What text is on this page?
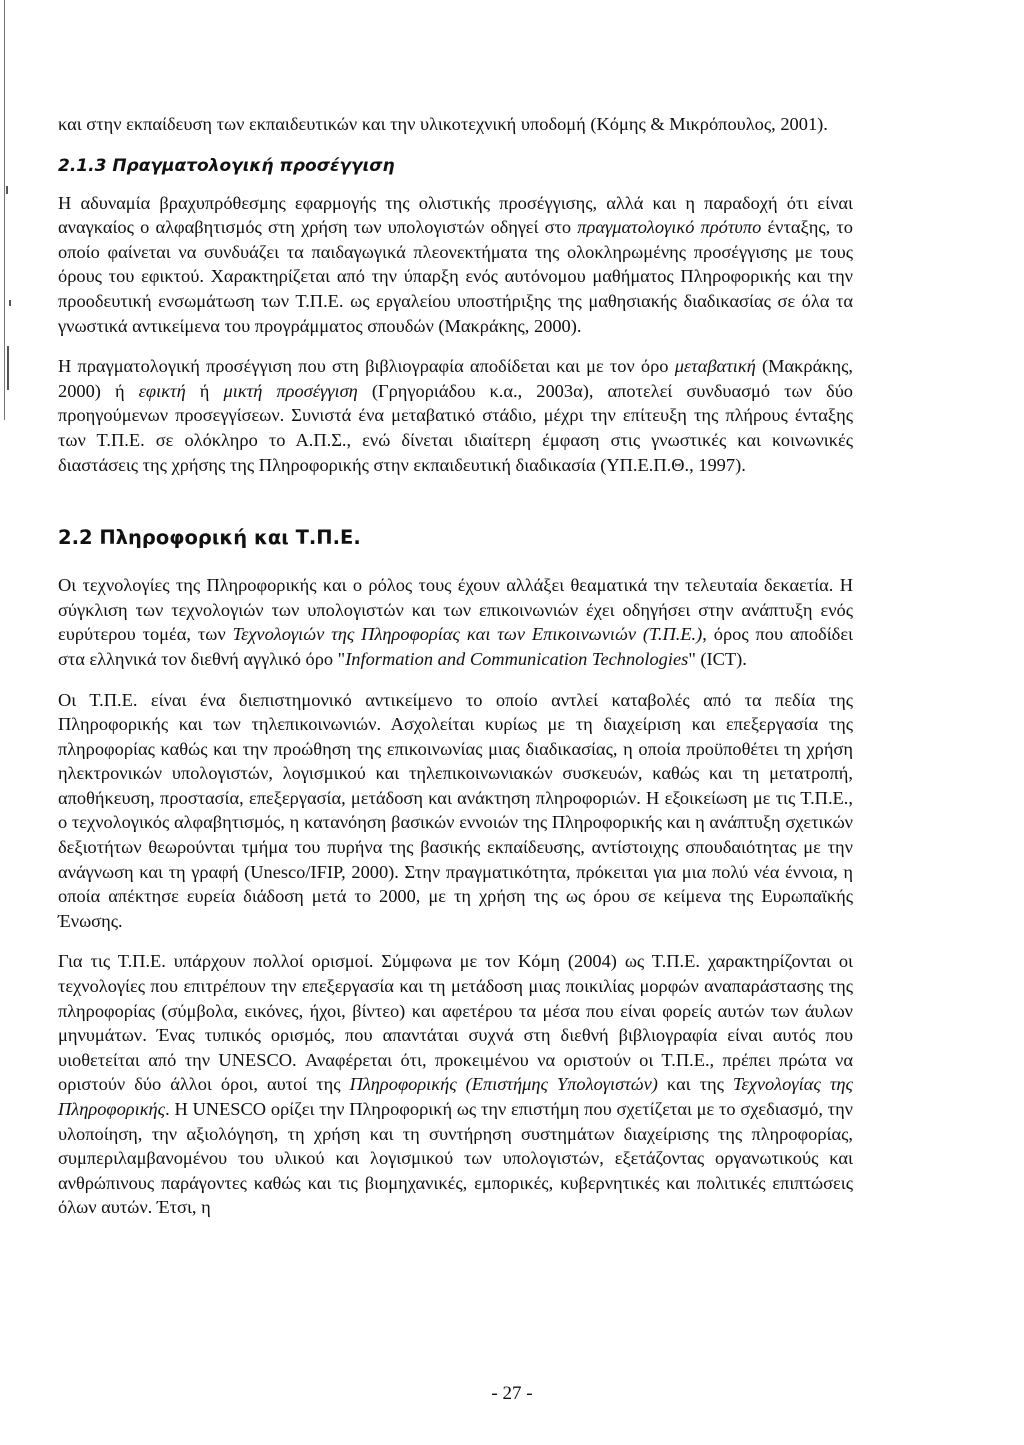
και στην εκπαίδευση των εκπαιδευτικών και την υλικοτεχνική υποδομή (Κόμης & Μικρόπουλος, 2001).

2.1.3 Πραγματολογική προσέγγιση

Η αδυναμία βραχυπρόθεσμης εφαρμογής της ολιστικής προσέγγισης, αλλά και η παραδοχή ότι είναι αναγκαίος ο αλφαβητισμός στη χρήση των υπολογιστών οδηγεί στο πραγματολογικό πρότυπο ένταξης, το οποίο φαίνεται να συνδυάζει τα παιδαγωγικά πλεονεκτήματα της ολοκληρωμένης προσέγγισης με τους όρους του εφικτού. Χαρακτηρίζεται από την ύπαρξη ενός αυτόνομου μαθήματος Πληροφορικής και την προοδευτική ενσωμάτωση των Τ.Π.Ε. ως εργαλείου υποστήριξης της μαθησιακής διαδικασίας σε όλα τα γνωστικά αντικείμενα του προγράμματος σπουδών (Μακράκης, 2000).

Η πραγματολογική προσέγγιση που στη βιβλιογραφία αποδίδεται και με τον όρο μεταβατική (Μακράκης, 2000) ή εφικτή ή μικτή προσέγγιση (Γρηγοριάδου κ.α., 2003α), αποτελεί συνδυασμό των δύο προηγούμενων προσεγγίσεων. Συνιστά ένα μεταβατικό στάδιο, μέχρι την επίτευξη της πλήρους ένταξης των Τ.Π.Ε. σε ολόκληρο το Α.Π.Σ., ενώ δίνεται ιδιαίτερη έμφαση στις γνωστικές και κοινωνικές διαστάσεις της χρήσης της Πληροφορικής στην εκπαιδευτική διαδικασία (ΥΠ.Ε.Π.Θ., 1997).

2.2 Πληροφορική και Τ.Π.Ε.

Οι τεχνολογίες της Πληροφορικής και ο ρόλος τους έχουν αλλάξει θεαματικά την τελευταία δεκαετία. Η σύγκλιση των τεχνολογιών των υπολογιστών και των επικοινωνιών έχει οδηγήσει στην ανάπτυξη ενός ευρύτερου τομέα, των Τεχνολογιών της Πληροφορίας και των Επικοινωνιών (Τ.Π.Ε.), όρος που αποδίδει στα ελληνικά τον διεθνή αγγλικό όρο "Information and Communication Technologies" (ICT).

Οι Τ.Π.Ε. είναι ένα διεπιστημονικό αντικείμενο το οποίο αντλεί καταβολές από τα πεδία της Πληροφορικής και των τηλεπικοινωνιών. Ασχολείται κυρίως με τη διαχείριση και επεξεργασία της πληροφορίας καθώς και την προώθηση της επικοινωνίας μιας διαδικασίας, η οποία προϋποθέτει τη χρήση ηλεκτρονικών υπολογιστών, λογισμικού και τηλεπικοινωνιακών συσκευών, καθώς και τη μετατροπή, αποθήκευση, προστασία, επεξεργασία, μετάδοση και ανάκτηση πληροφοριών. Η εξοικείωση με τις Τ.Π.Ε., ο τεχνολογικός αλφαβητισμός, η κατανόηση βασικών εννοιών της Πληροφορικής και η ανάπτυξη σχετικών δεξιοτήτων θεωρούνται τμήμα του πυρήνα της βασικής εκπαίδευσης, αντίστοιχης σπουδαιότητας με την ανάγνωση και τη γραφή (Unesco/IFIP, 2000). Στην πραγματικότητα, πρόκειται για μια πολύ νέα έννοια, η οποία απέκτησε ευρεία διάδοση μετά το 2000, με τη χρήση της ως όρου σε κείμενα της Ευρωπαϊκής Ένωσης.

Για τις Τ.Π.Ε. υπάρχουν πολλοί ορισμοί. Σύμφωνα με τον Κόμη (2004) ως Τ.Π.Ε. χαρακτηρίζονται οι τεχνολογίες που επιτρέπουν την επεξεργασία και τη μετάδοση μιας ποικιλίας μορφών αναπαράστασης της πληροφορίας (σύμβολα, εικόνες, ήχοι, βίντεο) και αφετέρου τα μέσα που είναι φορείς αυτών των άυλων μηνυμάτων. Ένας τυπικός ορισμός, που απαντάται συχνά στη διεθνή βιβλιογραφία είναι αυτός που υιοθετείται από την UNESCO. Αναφέρεται ότι, προκειμένου να οριστούν οι Τ.Π.Ε., πρέπει πρώτα να οριστούν δύο άλλοι όροι, αυτοί της Πληροφορικής (Επιστήμης Υπολογιστών) και της Τεχνολογίας της Πληροφορικής. Η UNESCO ορίζει την Πληροφορική ως την επιστήμη που σχετίζεται με το σχεδιασμό, την υλοποίηση, την αξιολόγηση, τη χρήση και τη συντήρηση συστημάτων διαχείρισης της πληροφορίας, συμπεριλαμβανομένου του υλικού και λογισμικού των υπολογιστών, εξετάζοντας οργανωτικούς και ανθρώπινους παράγοντες καθώς και τις βιομηχανικές, εμπορικές, κυβερνητικές και πολιτικές επιπτώσεις όλων αυτών. Έτσι, η

- 27 -
